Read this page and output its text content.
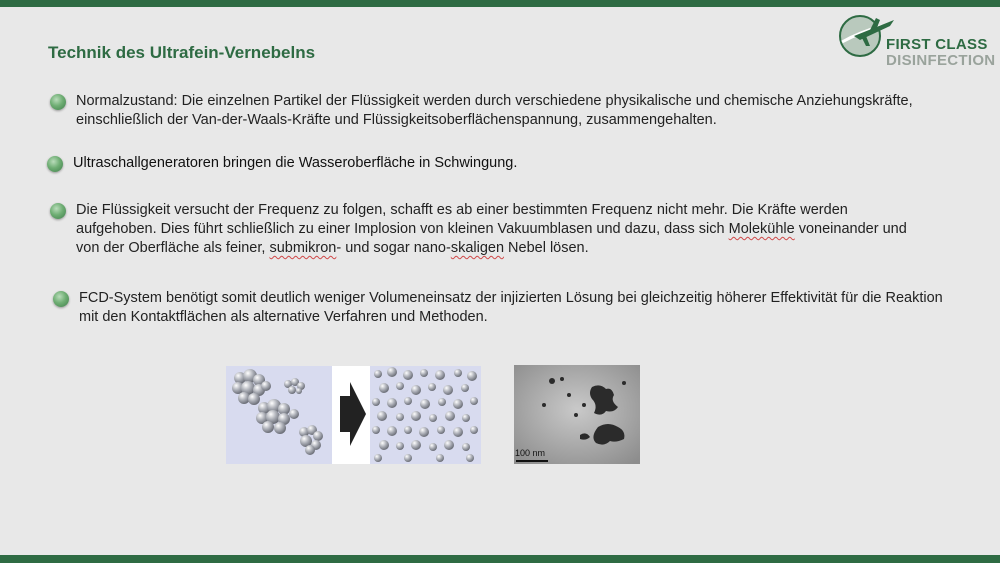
Technik des Ultrafein-Vernebelns	FIRST CLASS
DISINFECTION
Normalzustand: Die einzelnen Partikel der Flüssigkeit werden durch verschiedene physikalische und chemische Anziehungskräfte, einschließlich der Van-der-Waals-Kräfte und Flüssigkeitsoberflächenspannung, zusammengehalten.
Ultraschallgeneratoren bringen die Wasseroberfläche in Schwingung.
Die Flüssigkeit versucht der Frequenz zu folgen, schafft es ab einer bestimmten Frequenz nicht mehr. Die Kräfte werden aufgehoben. Dies führt schließlich zu einer Implosion von kleinen Vakuumblasen und dazu, dass sich Molekühle voneinander und von der Oberfläche als feiner, submikron- und sogar nano-skaligen Nebel lösen.
FCD-System benötigt somit deutlich weniger Volumeneinsatz der injizierten Lösung bei gleichzeitig höherer Effektivität für die Reaktion mit den Kontaktflächen als alternative Verfahren und Methoden.
100 nm
